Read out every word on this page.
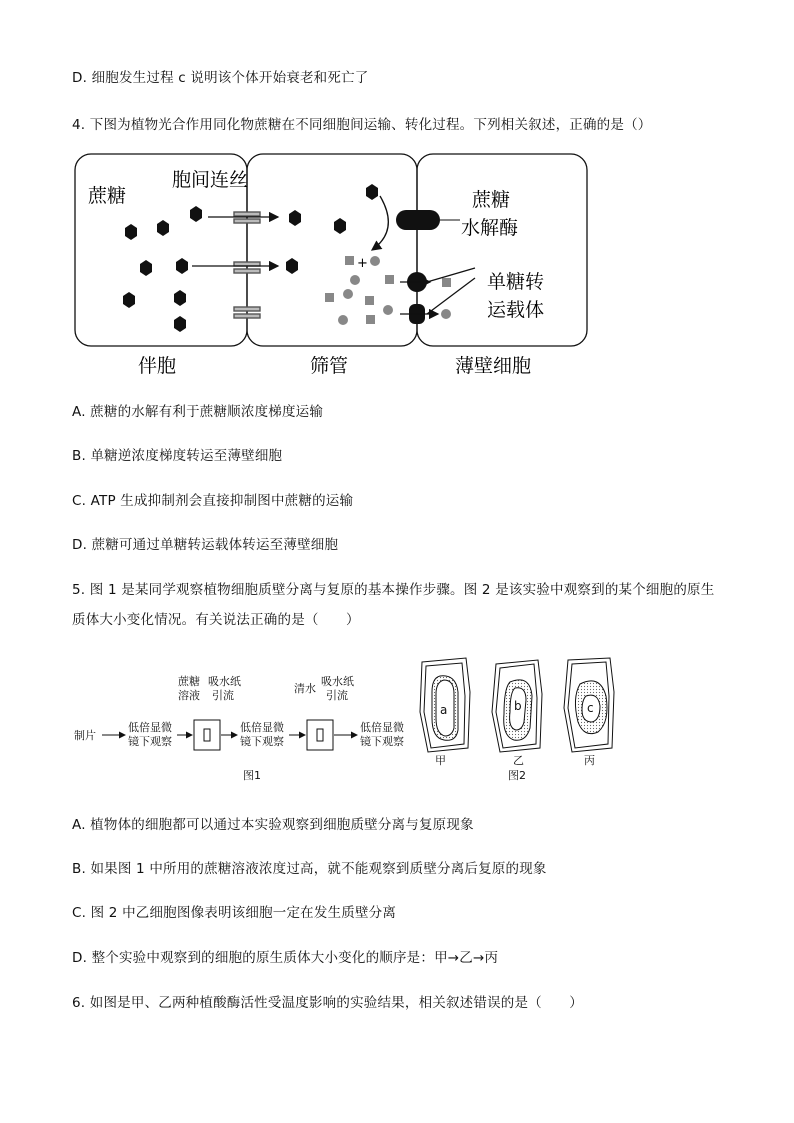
D. 细胞发生过程 c 说明该个体开始衰老和死亡了
4. 下图为植物光合作用同化物蔗糖在不同细胞间运输、转化过程。下列相关叙述，正确的是（）
+
蔗糖
胞间连丝
蔗糖
水解酶
单糖转
运载体
伴胞	筛管	薄壁细胞
A. 蔗糖的水解有利于蔗糖顺浓度梯度运输
B. 单糖逆浓度梯度转运至薄壁细胞
C. ATP 生成抑制剂会直接抑制图中蔗糖的运输
D. 蔗糖可通过单糖转运载体转运至薄壁细胞
5. 图 1 是某同学观察植物细胞质壁分离与复原的基本操作步骤。图 2 是该实验中观察到的某个细胞的原生
质体大小变化情况。有关说法正确的是（　　）
制片
低倍显微
镜下观察
蔗糖
溶液
吸水纸
引流
低倍显微
镜下观察
清水
吸水纸
引流
低倍显微
镜下观察
图1
a	b	c
甲	乙	丙
图2
A. 植物体的细胞都可以通过本实验观察到细胞质壁分离与复原现象
B. 如果图 1 中所用的蔗糖溶液浓度过高，就不能观察到质壁分离后复原的现象
C. 图 2 中乙细胞图像表明该细胞一定在发生质壁分离
D. 整个实验中观察到的细胞的原生质体大小变化的顺序是：甲→乙→丙
6. 如图是甲、乙两种植酸酶活性受温度影响的实验结果，相关叙述错误的是（　　）
